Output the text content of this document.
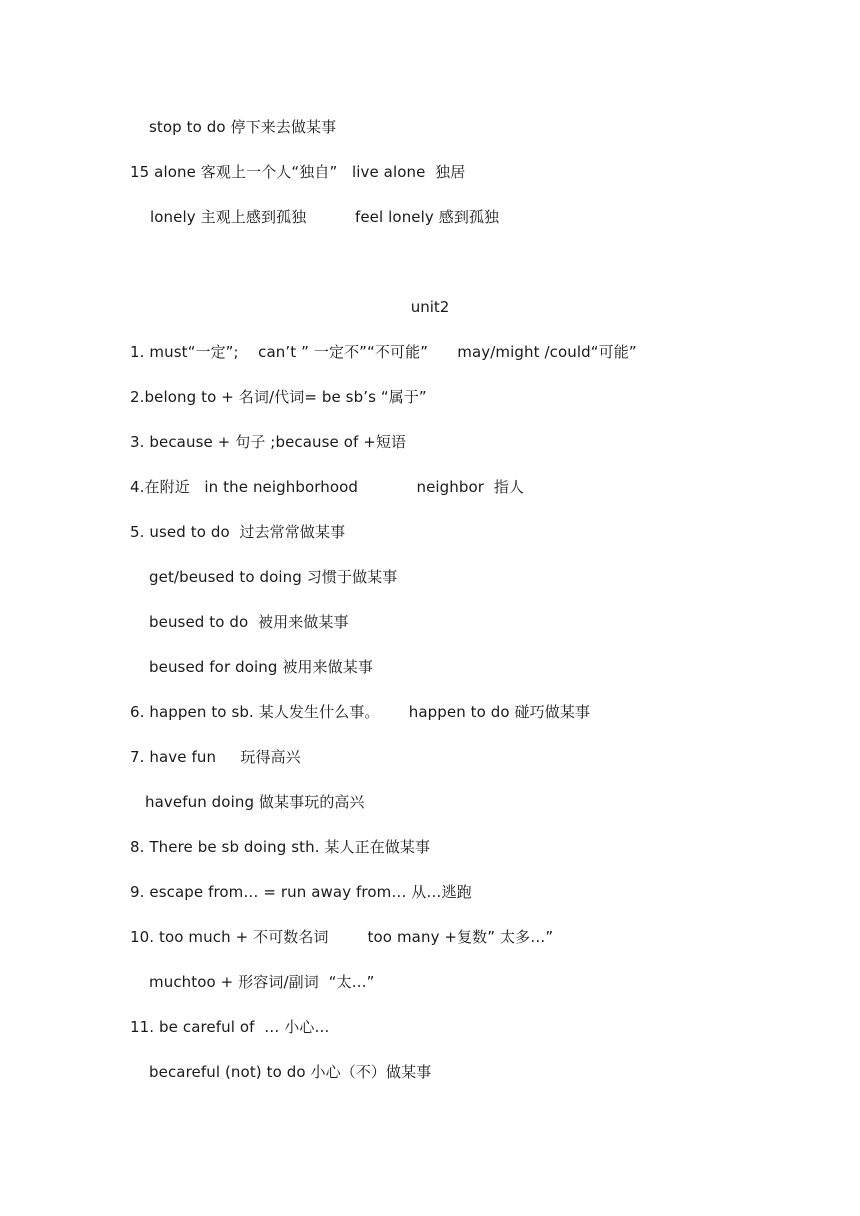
stop to do 停下来去做某事
15 alone 客观上一个人“独自”   live alone  独居
lonely 主观上感到孤独          feel lonely 感到孤独
unit2
1. must“一定”;    can’t ” 一定不”“不可能”      may/might /could“可能”
2.belong to + 名词/代词= be sb’s “属于”
3. because + 句子 ;because of +短语
4.在附近   in the neighborhood            neighbor  指人
5. used to do  过去常常做某事
get/beused to doing 习惯于做某事
beused to do  被用来做某事
beused for doing 被用来做某事
6. happen to sb. 某人发生什么事。      happen to do 碰巧做某事
7. have fun     玩得高兴
havefun doing 做某事玩的高兴
8. There be sb doing sth. 某人正在做某事
9. escape from… = run away from… 从…逃跑
10. too much + 不可数名词        too many +复数” 太多…”
muchtoo + 形容词/副词  “太…”
11. be careful of  … 小心…
becareful (not) to do 小心（不）做某事
